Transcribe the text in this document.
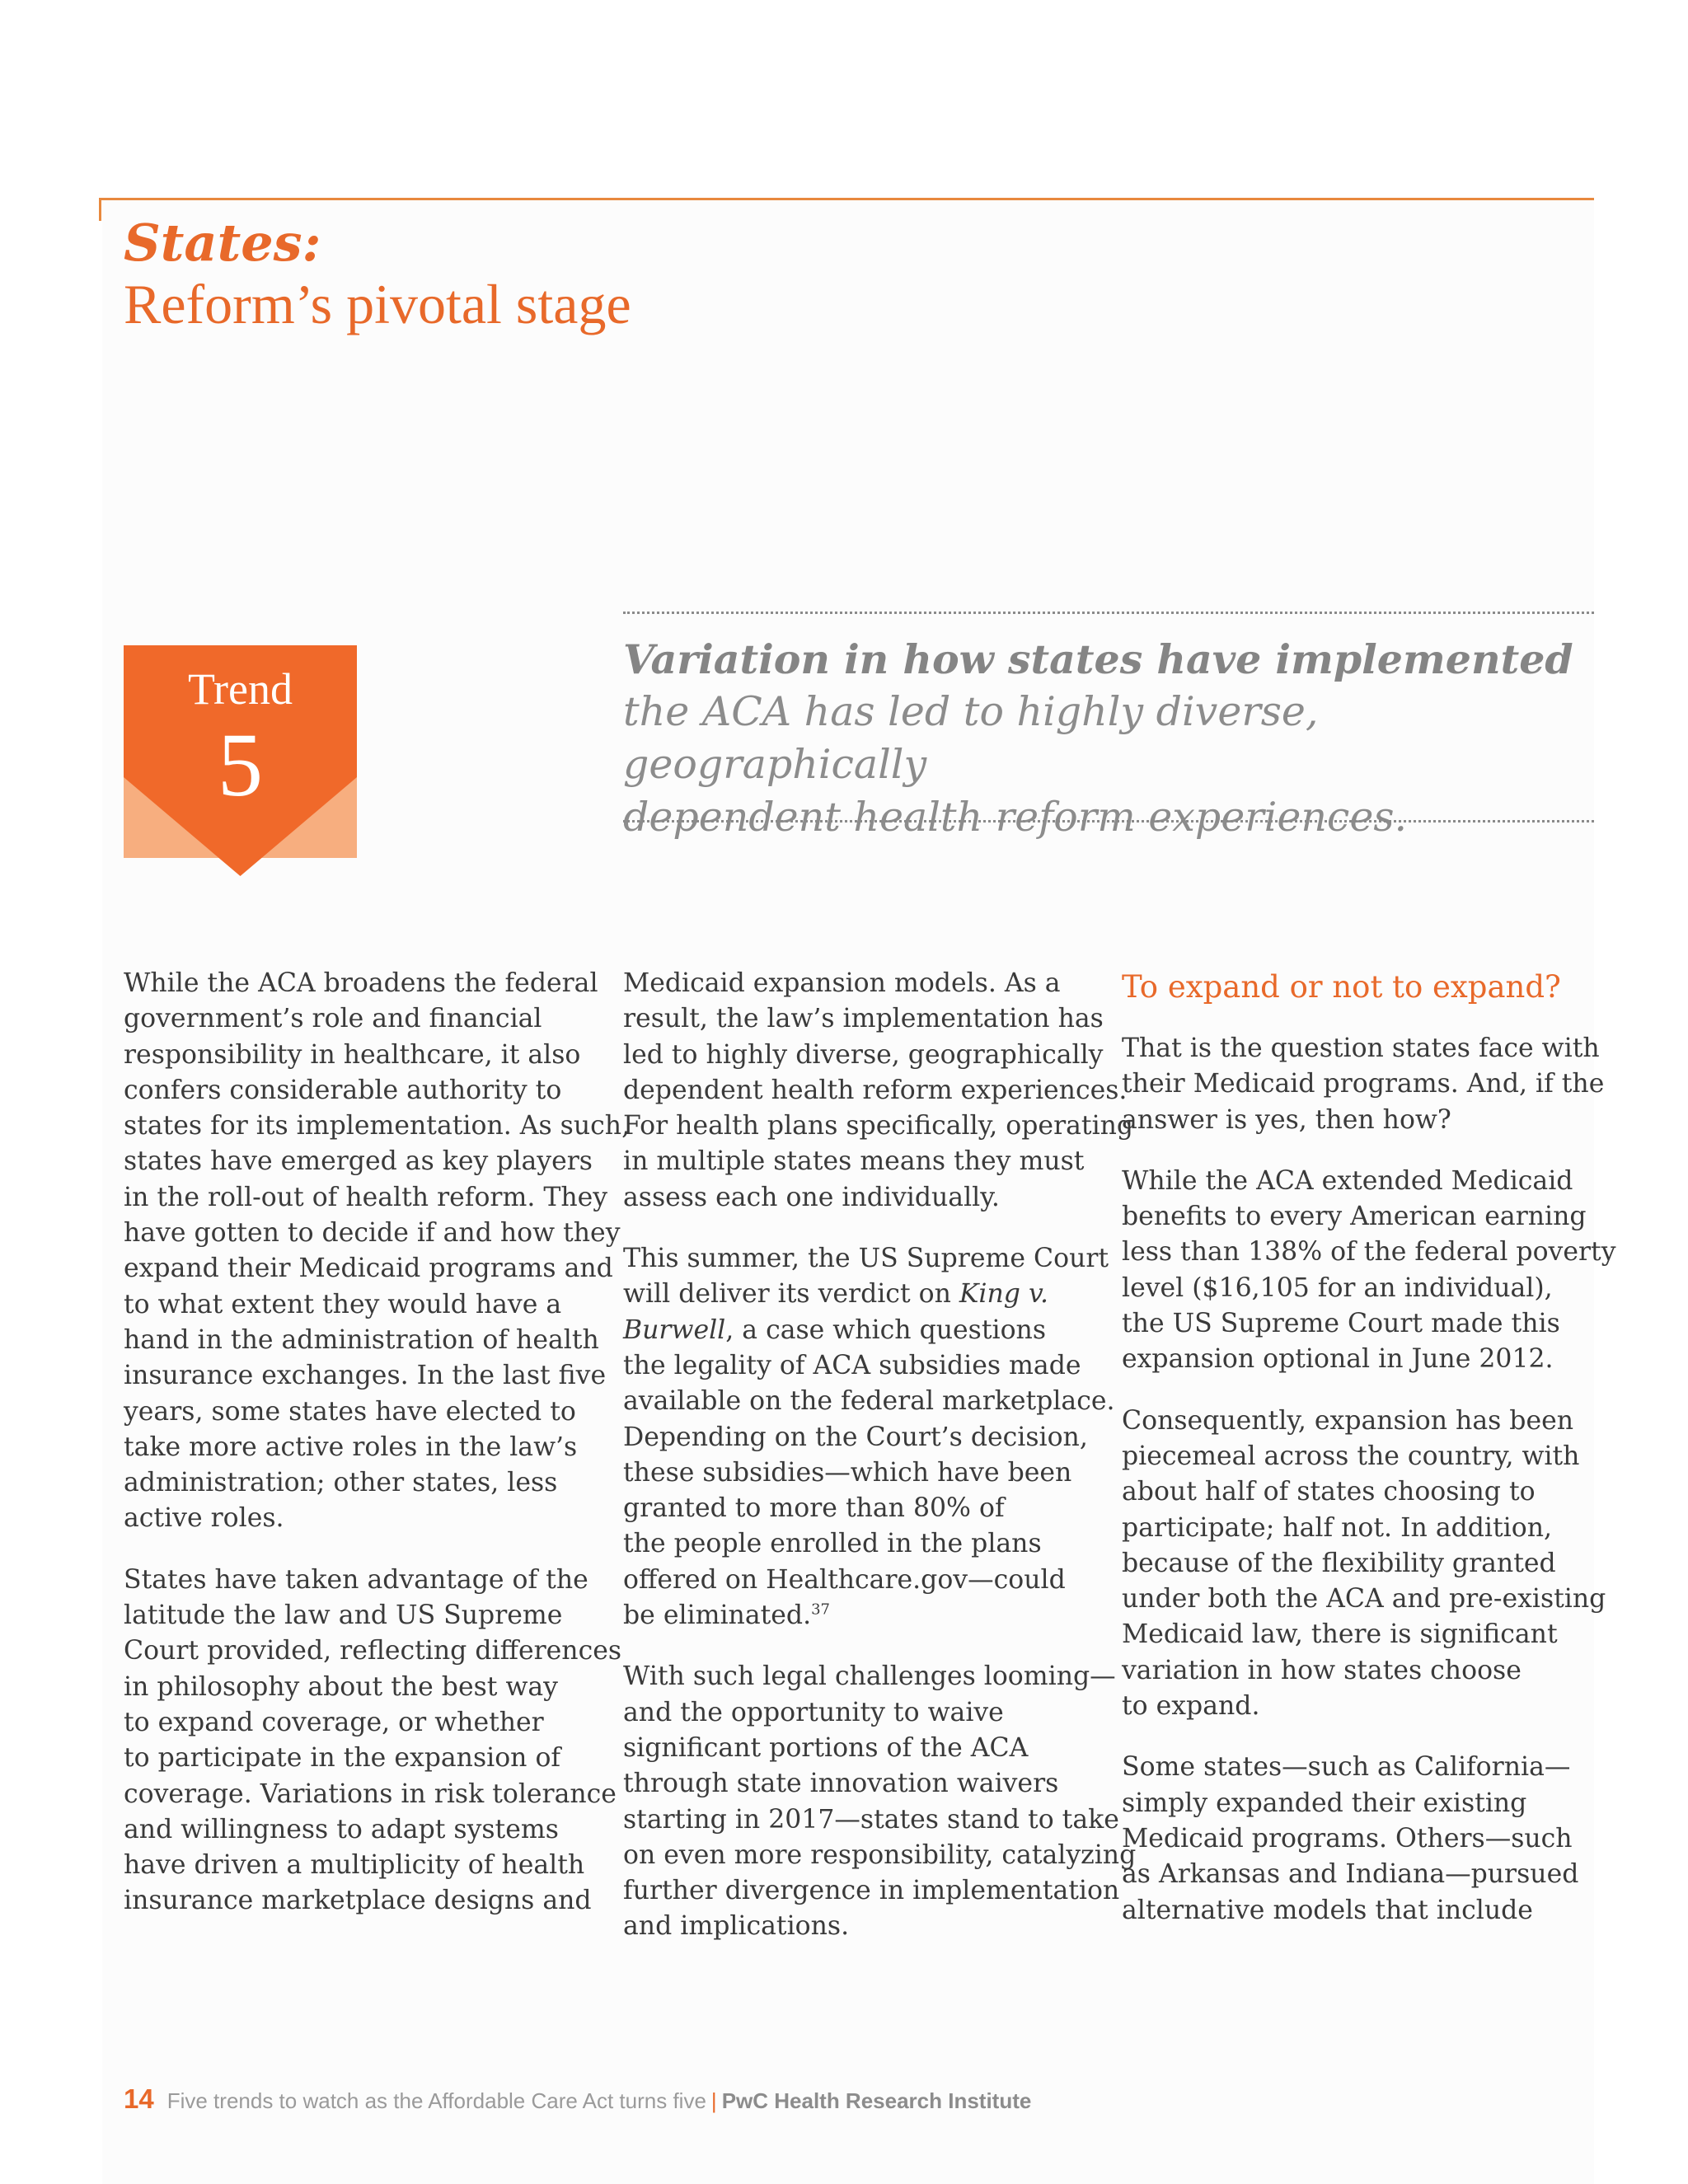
States:
Reform’s pivotal stage
Trend
5
Variation in how states have implemented
the ACA has led to highly diverse, geographically
dependent health reform experiences.

While the ACA broadens the federal
government’s role and financial
responsibility in healthcare, it also
confers considerable authority to
states for its implementation. As such,
states have emerged as key players
in the roll-out of health reform. They
have gotten to decide if and how they
expand their Medicaid programs and
to what extent they would have a
hand in the administration of health
insurance exchanges. In the last five
years, some states have elected to
take more active roles in the law’s
administration; other states, less
active roles.

States have taken advantage of the
latitude the law and US Supreme
Court provided, reflecting differences
in philosophy about the best way
to expand coverage, or whether
to participate in the expansion of
coverage. Variations in risk tolerance
and willingness to adapt systems
have driven a multiplicity of health
insurance marketplace designs and

Medicaid expansion models. As a
result, the law’s implementation has
led to highly diverse, geographically
dependent health reform experiences.
For health plans specifically, operating
in multiple states means they must
assess each one individually.

This summer, the US Supreme Court
will deliver its verdict on King v.
Burwell, a case which questions
the legality of ACA subsidies made
available on the federal marketplace.
Depending on the Court’s decision,
these subsidies—which have been
granted to more than 80% of
the people enrolled in the plans
offered on Healthcare.gov—could
be eliminated.$^{37}$

With such legal challenges looming—
and the opportunity to waive
significant portions of the ACA
through state innovation waivers
starting in 2017—states stand to take
on even more responsibility, catalyzing
further divergence in implementation
and implications.

To expand or not to expand?

That is the question states face with
their Medicaid programs. And, if the
answer is yes, then how?

While the ACA extended Medicaid
benefits to every American earning
less than 138% of the federal poverty
level ($16,105 for an individual),
the US Supreme Court made this
expansion optional in June 2012.

Consequently, expansion has been
piecemeal across the country, with
about half of states choosing to
participate; half not. In addition,
because of the flexibility granted
under both the ACA and pre-existing
Medicaid law, there is significant
variation in how states choose
to expand.

Some states—such as California—
simply expanded their existing
Medicaid programs. Others—such
as Arkansas and Indiana—pursued
alternative models that include

14 Five trends to watch as the Affordable Care Act turns five | PwC Health Research Institute
